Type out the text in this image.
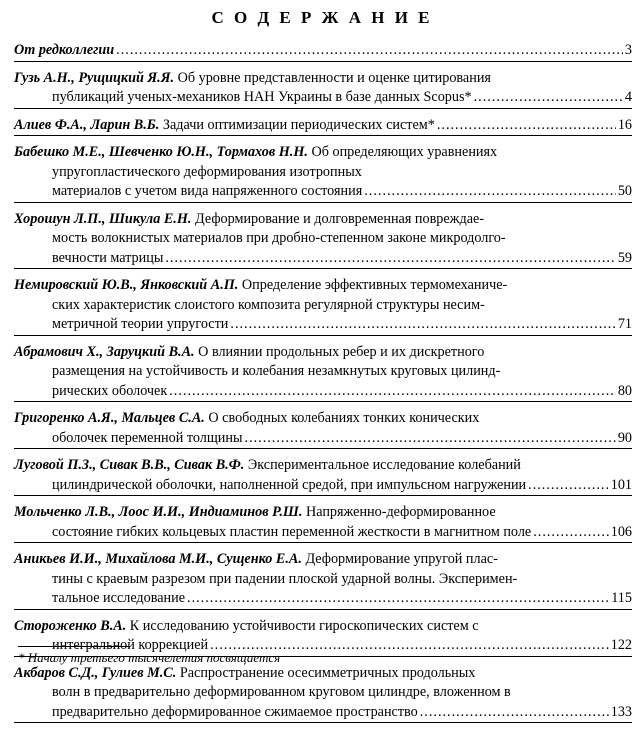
С О Д Е Р Ж А Н И Е
От редколлегии .....	3
Гузь А.Н., Рущицкий Я.Я. Об уровне представленности и оценке цитирования
публикаций ученых-механиков НАН Украины в базе данных Scopus* .....	4
Алиев Ф.А., Ларин В.Б. Задачи оптимизации периодических систем* .....	16
Бабешко М.Е., Шевченко Ю.Н., Тормахов Н.Н. Об определяющих уравнениях
упругопластического деформирования изотропных
материалов с учетом вида напряженного состояния .....	50
Хорошун Л.П., Шикула Е.Н. Деформирование и долговременная повреждае-
мость волокнистых материалов при дробно-степенном законе микродолго-
вечности матрицы .....	59
Немировский Ю.В., Янковский А.П. Определение эффективных термомеханиче-
ских характеристик слоистого композита регулярной структуры несим-
метричной теории упругости .....	71
Абрамович Х., Заруцкий В.А. О влиянии продольных ребер и их дискретного
размещения на устойчивость и колебания незамкнутых круговых цилинд-
рических оболочек .....	80
Григоренко А.Я., Мальцев С.А. О свободных колебаниях тонких конических
оболочек переменной толщины .....	90
Луговой П.З., Сивак В.В., Сивак В.Ф. Экспериментальное исследование колебаний
цилиндрической оболочки, наполненной средой, при импульсном нагружении .....	101
Мольченко Л.В., Лоос И.И., Индиаминов Р.Ш. Напряженно-деформированное
состояние гибких кольцевых пластин переменной жесткости в магнитном поле .....	106
Аникьев И.И., Михайлова М.И., Сущенко Е.А. Деформирование упругой плас-
тины с краевым разрезом при падении плоской ударной волны. Эксперимен-
тальное исследование .....	115
Стороженко В.А. К исследованию устойчивости гироскопических систем с
интегральной коррекцией .....	122
Акбаров С.Д., Гулиев М.С. Распространение осесимметричных продольных
волн в предварительно деформированном круговом цилиндре, вложенном в
предварительно деформированное сжимаемое пространство .....	133
* Началу третьего тысячелетия посвящается
